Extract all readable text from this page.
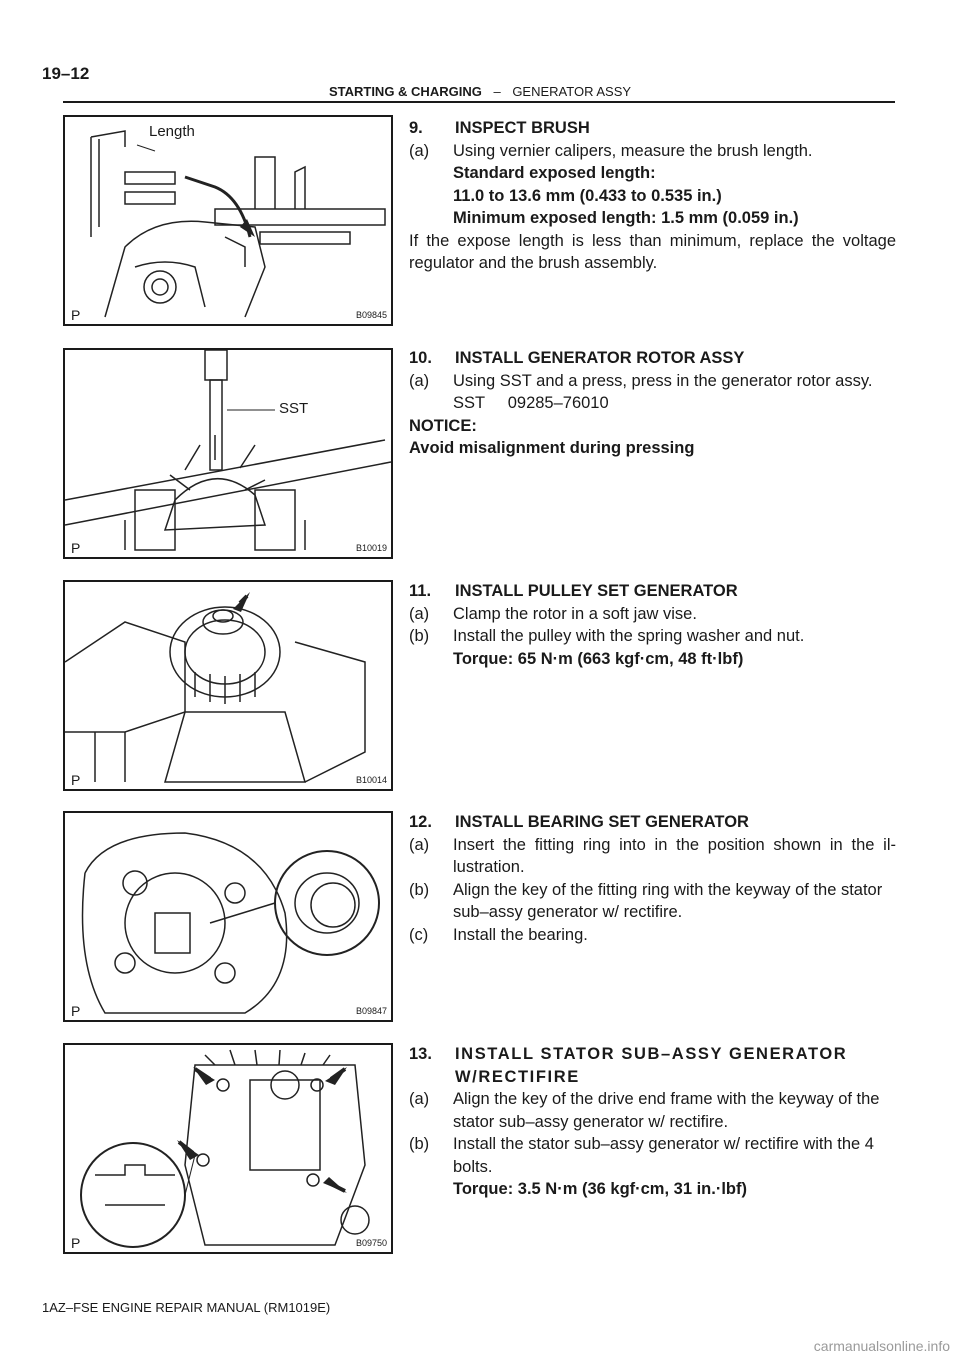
19–12
STARTING & CHARGING – GENERATOR ASSY
Length
P	B09845
SST
P	B10019
P	B10014
P	B09847
P	B09750
9.	INSPECT BRUSH
(a)	Using vernier calipers, measure the brush length.
Standard exposed length:
11.0 to 13.6 mm (0.433 to 0.535 in.)
Minimum exposed length: 1.5 mm (0.059 in.)
If the expose length is less than minimum, replace the voltage regulator and the brush assembly.
10.	INSTALL GENERATOR ROTOR ASSY
(a)	Using SST and a press, press in the generator rotor assy.
SST     09285–76010
NOTICE:
Avoid misalignment during pressing
11.	INSTALL PULLEY SET GENERATOR
(a)	Clamp the rotor in a soft jaw vise.
(b)	Install the pulley with the spring washer and nut.
Torque: 65 N·m (663 kgf·cm, 48 ft·lbf)
12.	INSTALL BEARING SET GENERATOR
(a)	Insert the fitting ring into in the position shown in the il-lustration.
(b)	Align the key of the fitting ring with the keyway of the stator sub–assy generator w/ rectifire.
(c)	Install the bearing.
13.	INSTALL STATOR SUB–ASSY GENERATOR W/RECTIFIRE
(a)	Align the key of the drive end frame with the keyway of the stator sub–assy generator w/ rectifire.
(b)	Install the stator sub–assy generator w/ rectifire with the 4 bolts.
Torque: 3.5 N·m (36 kgf·cm, 31 in.·lbf)
1AZ–FSE ENGINE REPAIR MANUAL (RM1019E)
carmanualsonline.info
